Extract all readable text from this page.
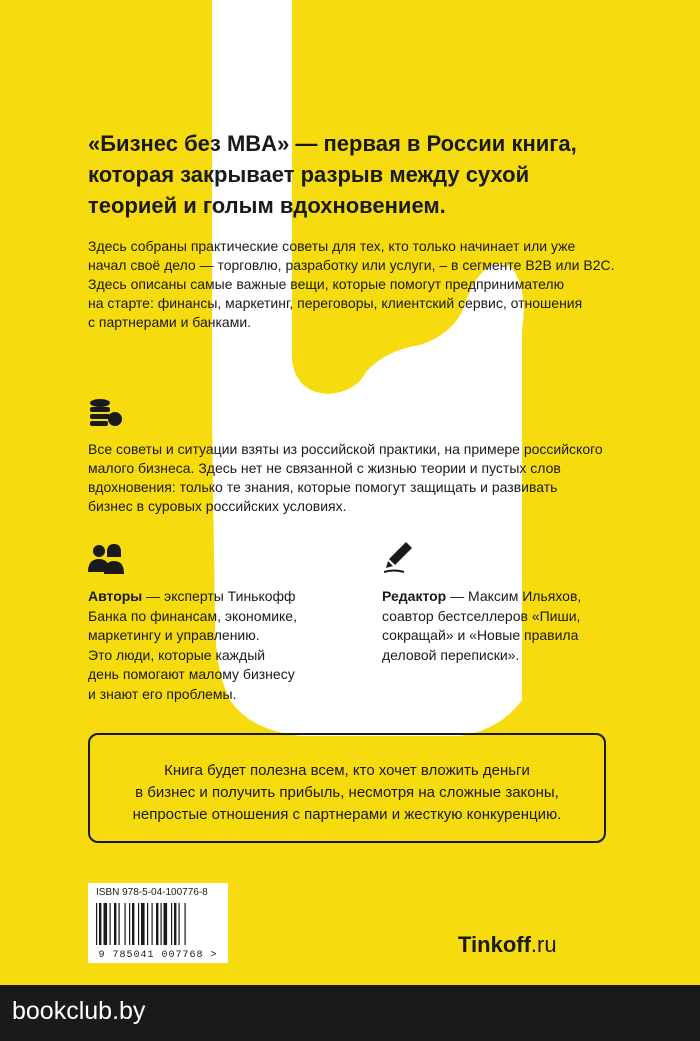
«Бизнес без MBA» — первая в России книга,
которая закрывает разрыв между сухой
теорией и голым вдохновением.
Здесь собраны практические советы для тех, кто только начинает или уже
начал своё дело — торговлю, разработку или услуги, – в сегменте B2B или B2C.
Здесь описаны самые важные вещи, которые помогут предпринимателю
на старте: финансы, маркетинг, переговоры, клиентский сервис, отношения
с партнерами и банками.
Все советы и ситуации взяты из российской практики, на примере российского
малого бизнеса. Здесь нет не связанной с жизнью теории и пустых слов
вдохновения: только те знания, которые помогут защищать и развивать
бизнес в суровых российских условиях.
Авторы — эксперты Тинькофф
Банка по финансам, экономике,
маркетингу и управлению.
Это люди, которые каждый
день помогают малому бизнесу
и знают его проблемы.
Редактор — Максим Ильяхов,
соавтор бестселлеров «Пиши,
сокращай» и «Новые правила
деловой переписки».
Книга будет полезна всем, кто хочет вложить деньги
в бизнес и получить прибыль, несмотря на сложные законы,
непростые отношения с партнерами и жесткую конкуренцию.
ISBN 978-5-04-100776-8
9 785041 007768 >	Tinkoff.ru
bookclub.by
